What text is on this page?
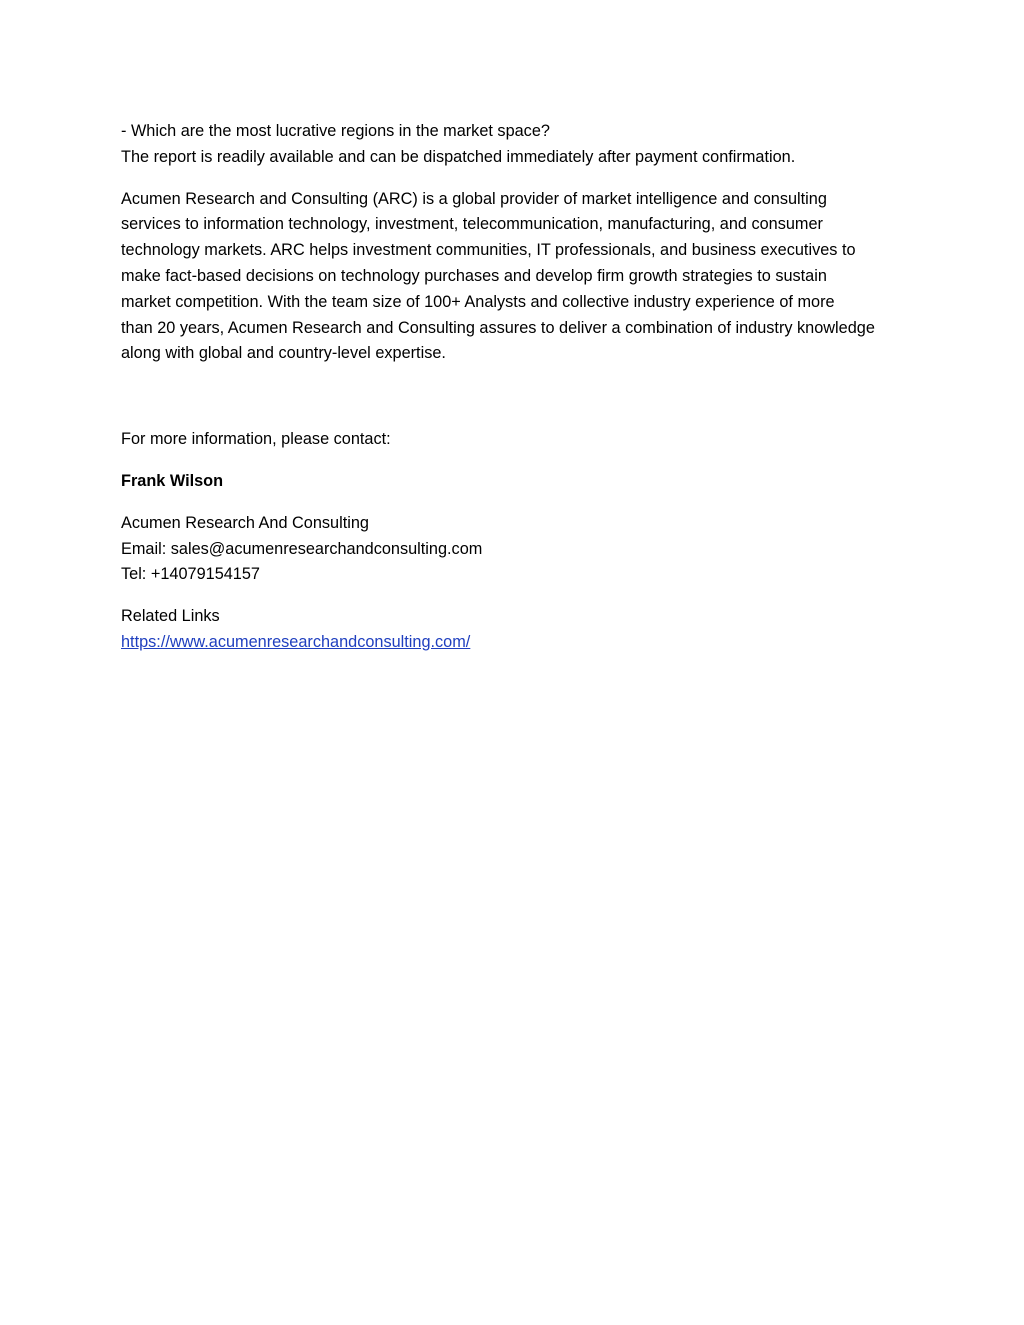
- Which are the most lucrative regions in the market space?
The report is readily available and can be dispatched immediately after payment confirmation.

Acumen Research and Consulting (ARC) is a global provider of market intelligence and consulting
services to information technology, investment, telecommunication, manufacturing, and consumer
technology markets. ARC helps investment communities, IT professionals, and business executives to
make fact-based decisions on technology purchases and develop firm growth strategies to sustain
market competition. With the team size of 100+ Analysts and collective industry experience of more
than 20 years, Acumen Research and Consulting assures to deliver a combination of industry knowledge
along with global and country-level expertise.

For more information, please contact:

Frank Wilson

Acumen Research And Consulting
Email: sales@acumenresearchandconsulting.com
Tel: +14079154157

Related Links
https://www.acumenresearchandconsulting.com/
